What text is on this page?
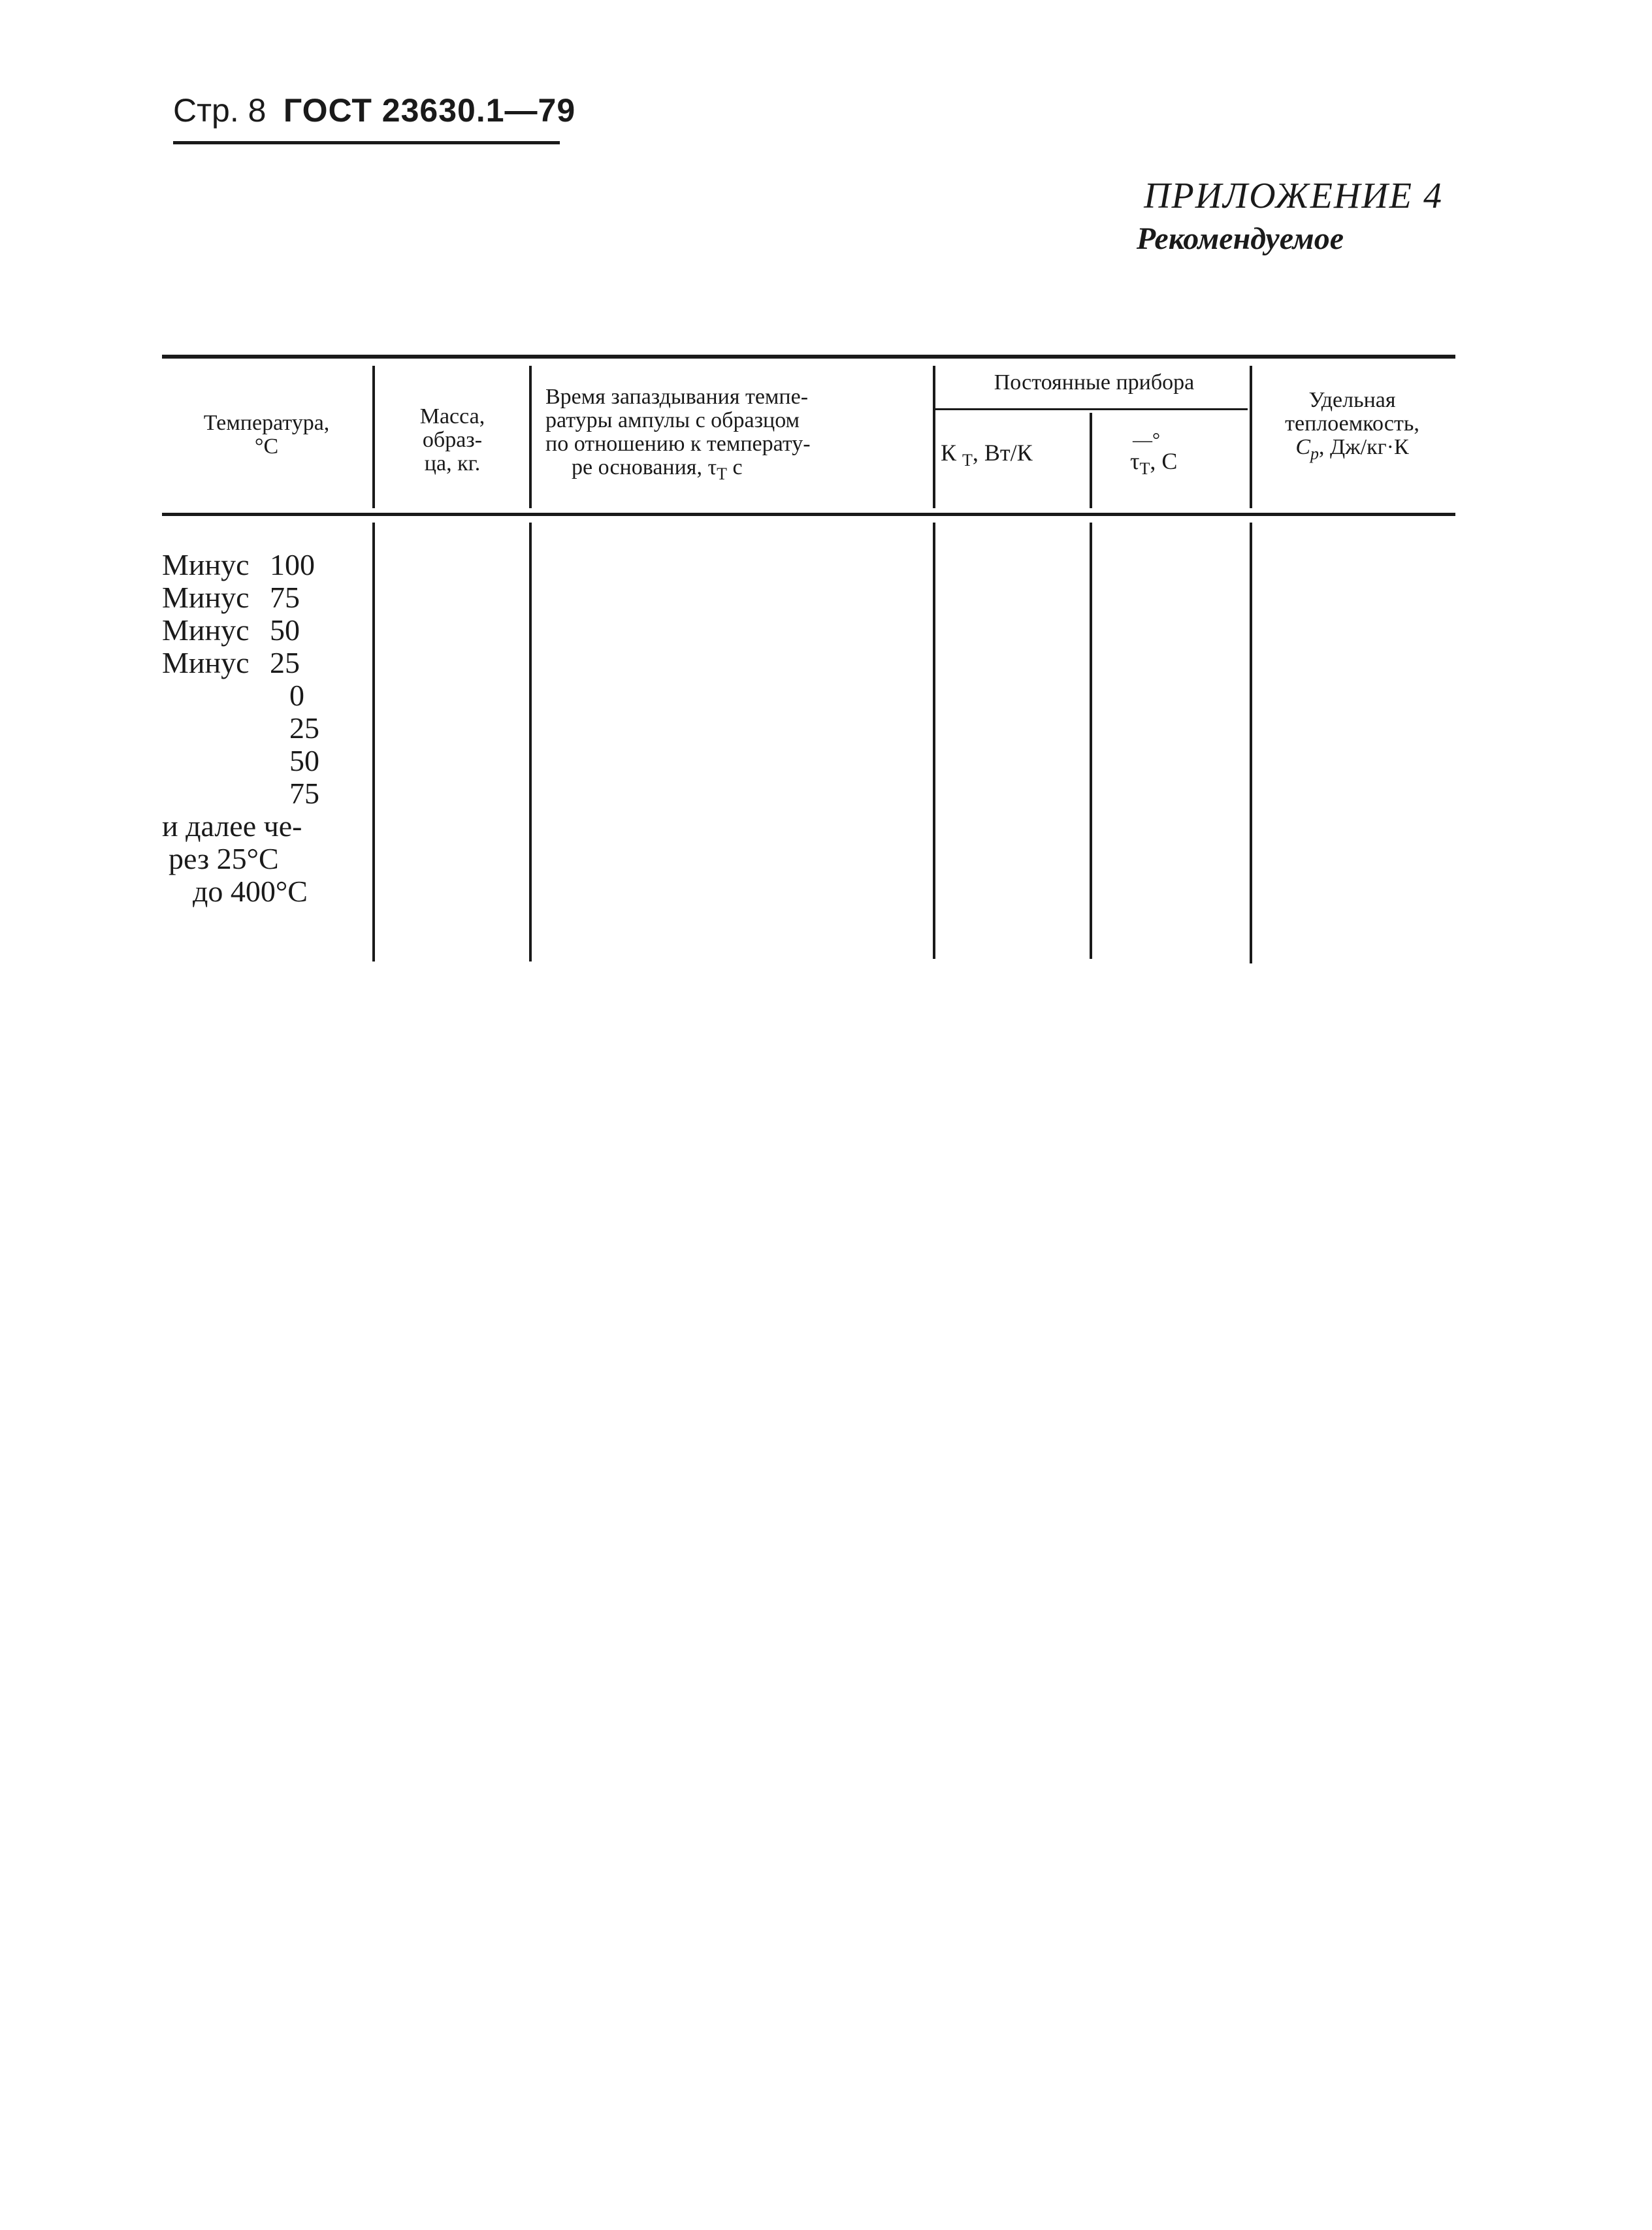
Стр. 8 ГОСТ 23630.1—79
ПРИЛОЖЕНИЕ 4
Рекомендуемое
Температура,
°С
Масса,
образ-
ца, кг.
Время запаздывания темпе-
ратуры ампулы с образцом
по отношению к температу-
ре основания, $\tau_T$ с
Постоянные прибора
К $_T$, Вт/К	—°
$\tau_T$, С
Удельная
теплоемкость,
$C_p$, Дж/кг·К
Минус 100
Минус 75
Минус 50
Минус 25
0
25
50
75
и далее че-
рез 25°С
до 400°С
